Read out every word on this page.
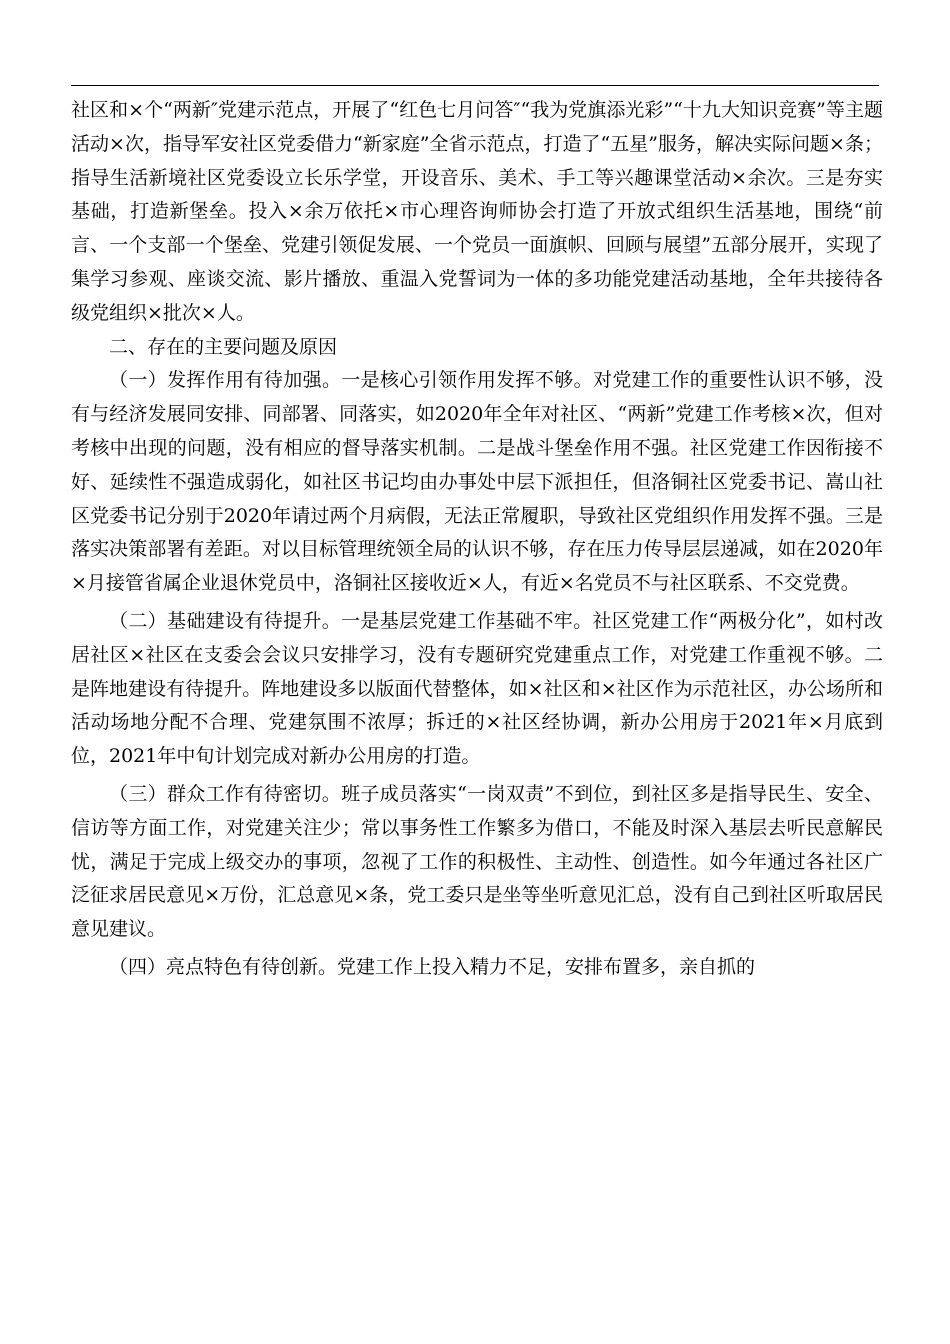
社区和×个“两新″党建示范点，开展了“红色七月问答″“我为党旗添光彩”“十九大知识竞赛”等主题活动×次，指导军安社区党委借力“新家庭”全省示范点，打造了“五星”服务，解决实际问题×条；指导生活新境社区党委设立长乐学堂，开设音乐、美术、手工等兴趣课堂活动×余次。三是夯实基础，打造新堡垒。投入×余万依托×市心理咨询师协会打造了开放式组织生活基地，围绕“前言、一个支部一个堡垒、党建引领促发展、一个党员一面旗帜、回顾与展望”五部分展开，实现了集学习参观、座谈交流、影片播放、重温入党誓词为一体的多功能党建活动基地，全年共接待各级党组织×批次×人。

二、存在的主要问题及原因

（一）发挥作用有待加强。一是核心引领作用发挥不够。对党建工作的重要性认识不够，没有与经济发展同安排、同部署、同落实，如2020年全年对社区、“两新”党建工作考核×次，但对考核中出现的问题，没有相应的督导落实机制。二是战斗堡垒作用不强。社区党建工作因衔接不好、延续性不强造成弱化，如社区书记均由办事处中层下派担任，但洛铜社区党委书记、嵩山社区党委书记分别于2020年请过两个月病假，无法正常履职，导致社区党组织作用发挥不强。三是落实决策部署有差距。对以目标管理统领全局的认识不够，存在压力传导层层递减，如在2020年×月接管省属企业退休党员中，洛铜社区接收近×人，有近×名党员不与社区联系、不交党费。

（二）基础建设有待提升。一是基层党建工作基础不牢。社区党建工作“两极分化”，如村改居社区×社区在支委会会议只安排学习，没有专题研究党建重点工作，对党建工作重视不够。二是阵地建设有待提升。阵地建设多以版面代替整体，如×社区和×社区作为示范社区，办公场所和活动场地分配不合理、党建氛围不浓厚；拆迁的×社区经协调，新办公用房于2021年×月底到位，2021年中旬计划完成对新办公用房的打造。

（三）群众工作有待密切。班子成员落实“一岗双责”不到位，到社区多是指导民生、安全、信访等方面工作，对党建关注少；常以事务性工作繁多为借口，不能及时深入基层去听民意解民忧，满足于完成上级交办的事项，忽视了工作的积极性、主动性、创造性。如今年通过各社区广泛征求居民意见×万份，汇总意见×条，党工委只是坐等坐听意见汇总，没有自己到社区听取居民意见建议。

（四）亮点特色有待创新。党建工作上投入精力不足，安排布置多，亲自抓的
